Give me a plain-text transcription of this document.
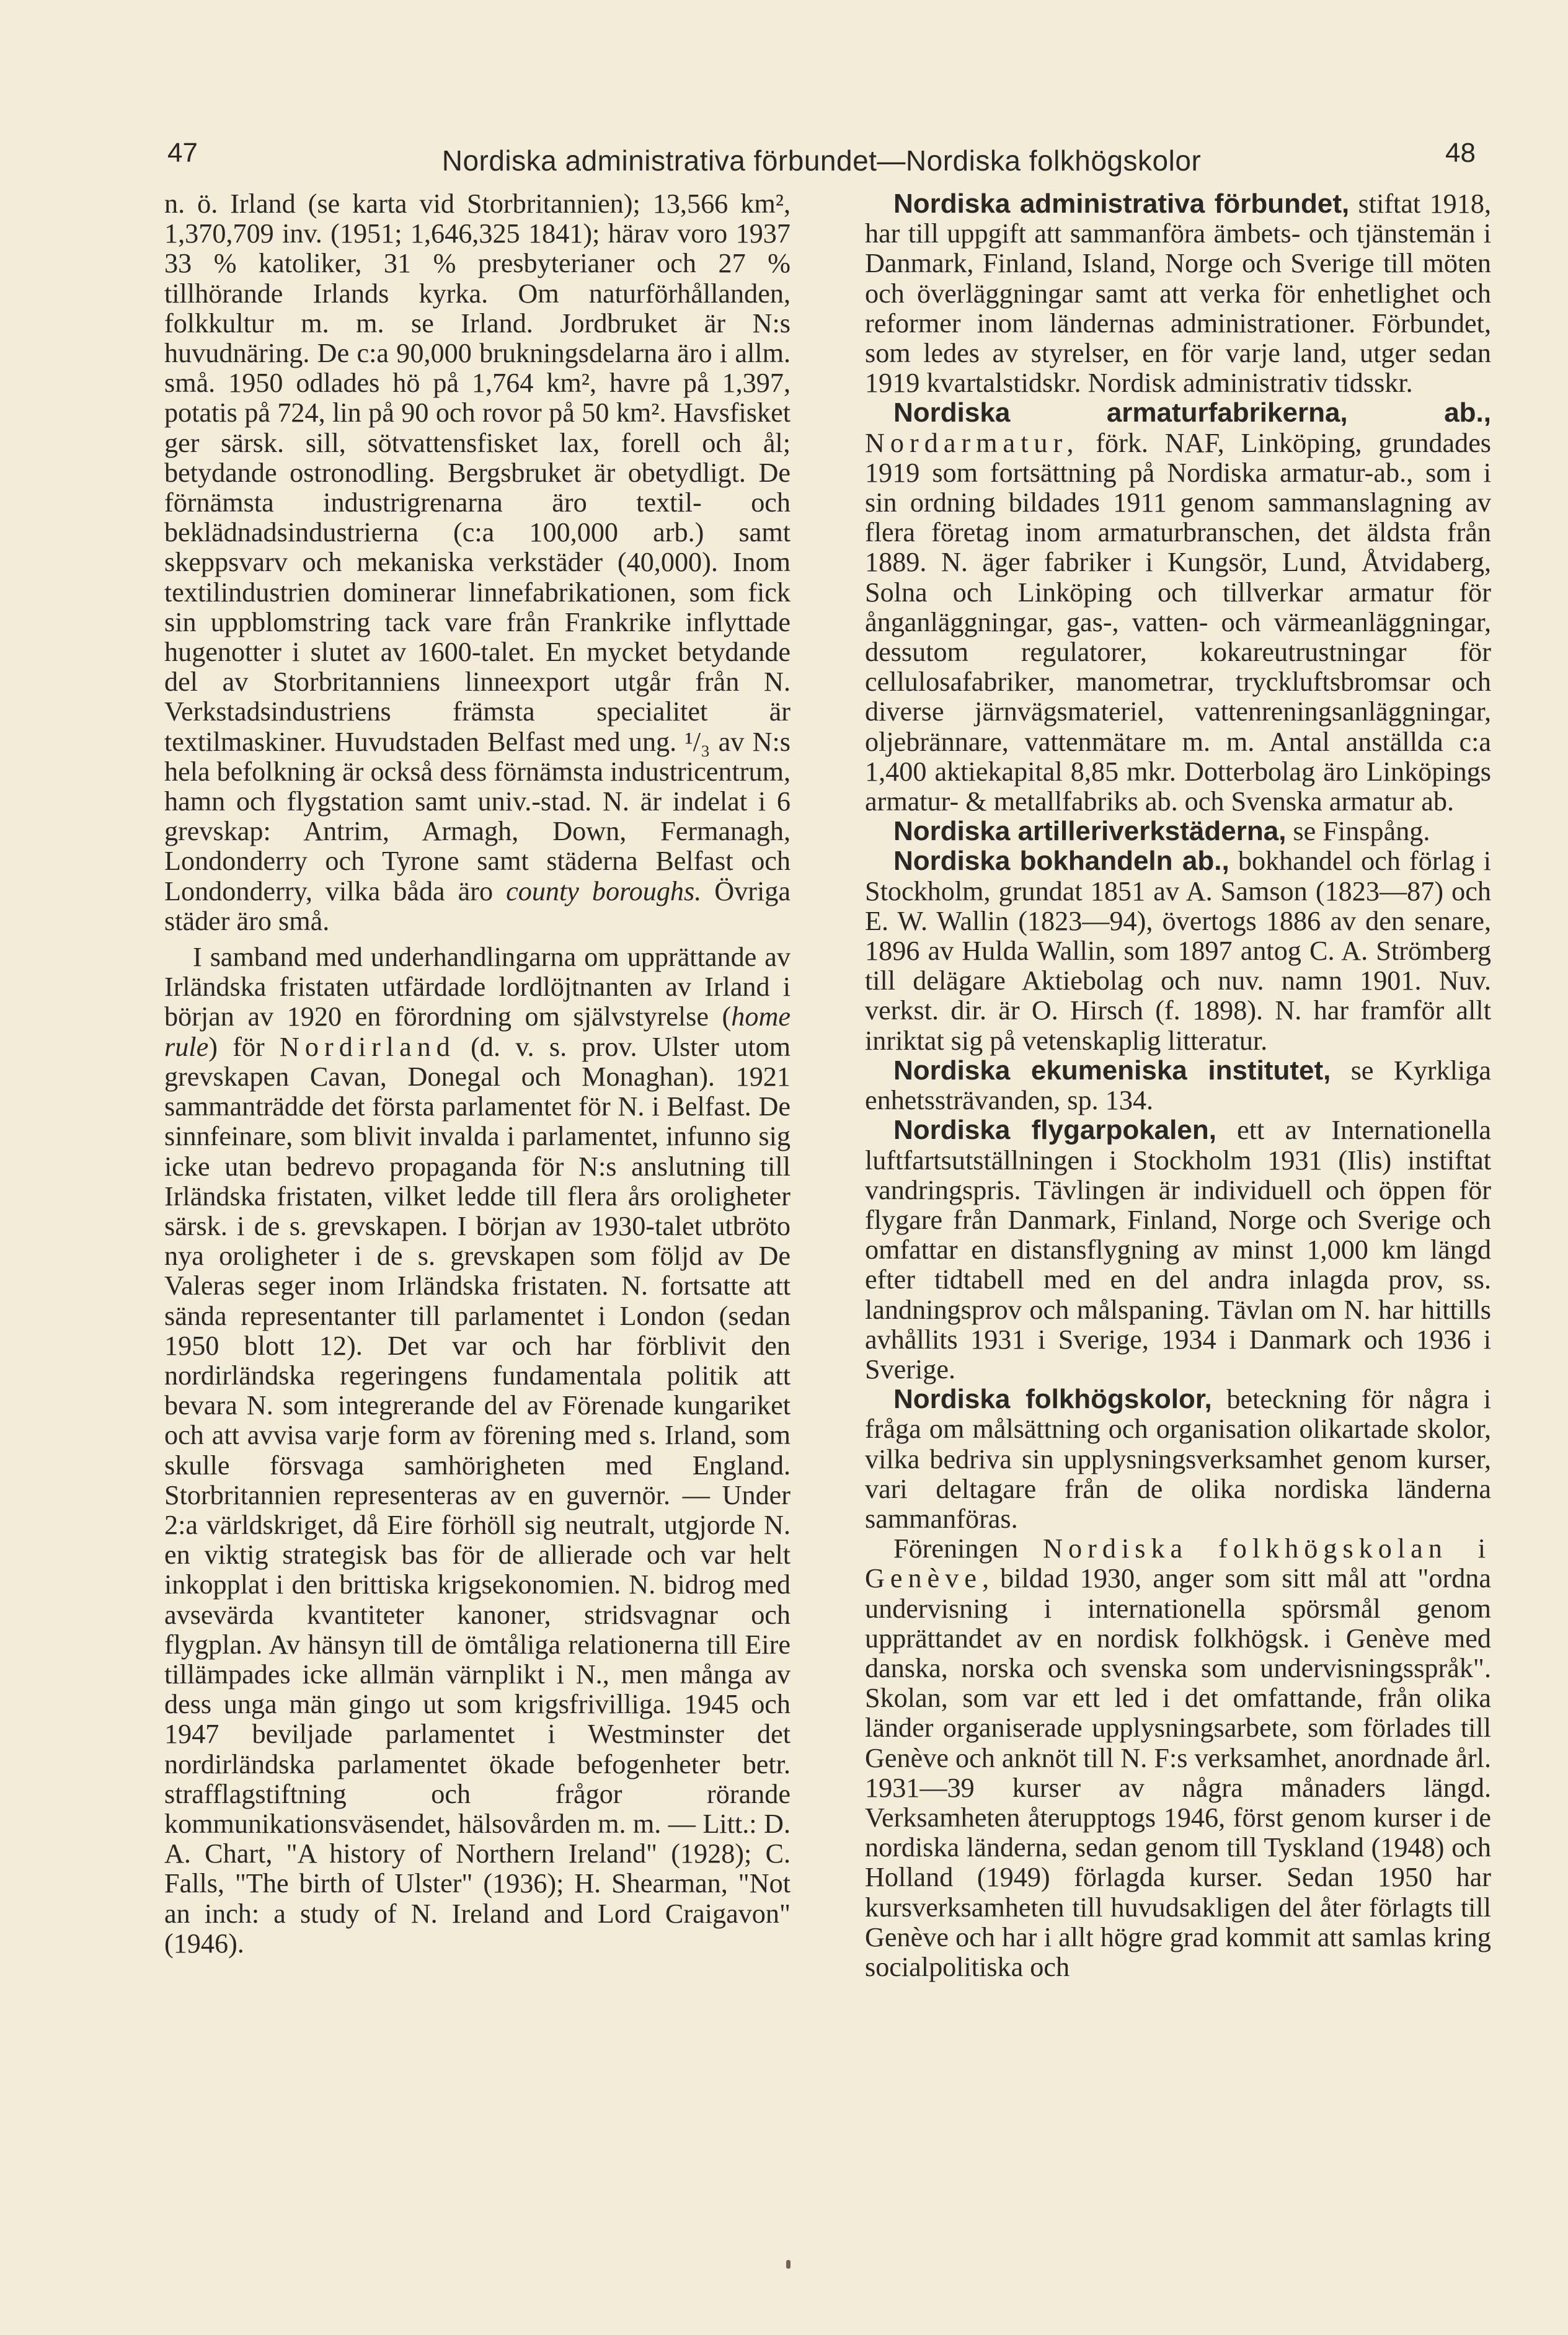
47	Nordiska administrativa förbundet—Nordiska folkhögskolor	48

n. ö. Irland (se karta vid Storbritannien); 13,566 km², 1,370,709 inv. (1951; 1,646,325 1841); härav voro 1937 33 % katoliker, 31 % presbyterianer och 27 % tillhörande Irlands kyrka. Om naturförhållanden, folkkultur m. m. se Irland. Jordbruket är N:s huvudnäring. De c:a 90,000 brukningsdelarna äro i allm. små. 1950 odlades hö på 1,764 km², havre på 1,397, potatis på 724, lin på 90 och rovor på 50 km². Havsfisket ger särsk. sill, sötvattensfisket lax, forell och ål; betydande ostronodling. Bergsbruket är obetydligt. De förnämsta industrigrenarna äro textil- och beklädnadsindustrierna (c:a 100,000 arb.) samt skeppsvarv och mekaniska verkstäder (40,000). Inom textilindustrien dominerar linnefabrikationen, som fick sin uppblomstring tack vare från Frankrike inflyttade hugenotter i slutet av 1600-talet. En mycket betydande del av Storbritanniens linneexport utgår från N. Verkstadsindustriens främsta specialitet är textilmaskiner. Huvudstaden Belfast med ung. ¹/₃ av N:s hela befolkning är också dess förnämsta industricentrum, hamn och flygstation samt univ.-stad. N. är indelat i 6 grevskap: Antrim, Armagh, Down, Fermanagh, Londonderry och Tyrone samt städerna Belfast och Londonderry, vilka båda äro county boroughs. Övriga städer äro små.

I samband med underhandlingarna om upprättande av Irländska fristaten utfärdade lordlöjtnanten av Irland i början av 1920 en förordning om självstyrelse (home rule) för Nordirland (d. v. s. prov. Ulster utom grevskapen Cavan, Donegal och Monaghan). 1921 sammanträdde det första parlamentet för N. i Belfast. De sinnfeinare, som blivit invalda i parlamentet, infunno sig icke utan bedrevo propaganda för N:s anslutning till Irländska fristaten, vilket ledde till flera års oroligheter särsk. i de s. grevskapen. I början av 1930-talet utbröto nya oroligheter i de s. grevskapen som följd av De Valeras seger inom Irländska fristaten. N. fortsatte att sända representanter till parlamentet i London (sedan 1950 blott 12). Det var och har förblivit den nordirländska regeringens fundamentala politik att bevara N. som integrerande del av Förenade kungariket och att avvisa varje form av förening med s. Irland, som skulle försvaga samhörigheten med England. Storbritannien representeras av en guvernör. — Under 2:a världskriget, då Eire förhöll sig neutralt, utgjorde N. en viktig strategisk bas för de allierade och var helt inkopplat i den brittiska krigsekonomien. N. bidrog med avsevärda kvantiteter kanoner, stridsvagnar och flygplan. Av hänsyn till de ömtåliga relationerna till Eire tillämpades icke allmän värnplikt i N., men många av dess unga män gingo ut som krigsfrivilliga. 1945 och 1947 beviljade parlamentet i Westminster det nordirländska parlamentet ökade befogenheter betr. strafflagstiftning och frågor rörande kommunikationsväsendet, hälsovården m. m. — Litt.: D. A. Chart, "A history of Northern Ireland" (1928); C. Falls, "The birth of Ulster" (1936); H. Shearman, "Not an inch: a study of N. Ireland and Lord Craigavon" (1946).

Nordiska administrativa förbundet, stiftat 1918, har till uppgift att sammanföra ämbets- och tjänstemän i Danmark, Finland, Island, Norge och Sverige till möten och överläggningar samt att verka för enhetlighet och reformer inom ländernas administrationer. Förbundet, som ledes av styrelser, en för varje land, utger sedan 1919 kvartalstidskr. Nordisk administrativ tidsskr.

Nordiska armaturfabrikerna, ab., Nordarmatur, förk. NAF, Linköping, grundades 1919 som fortsättning på Nordiska armatur-ab., som i sin ordning bildades 1911 genom sammanslagning av flera företag inom armaturbranschen, det äldsta från 1889. N. äger fabriker i Kungsör, Lund, Åtvidaberg, Solna och Linköping och tillverkar armatur för ånganläggningar, gas-, vatten- och värmeanläggningar, dessutom regulatorer, kokareutrustningar för cellulosafabriker, manometrar, tryckluftsbromsar och diverse järnvägsmateriel, vattenreningsanläggningar, oljebrännare, vattenmätare m. m. Antal anställda c:a 1,400 aktiekapital 8,85 mkr. Dotterbolag äro Linköpings armatur- & metallfabriks ab. och Svenska armatur ab.

Nordiska artilleriverkstäderna, se Finspång.

Nordiska bokhandeln ab., bokhandel och förlag i Stockholm, grundat 1851 av A. Samson (1823—87) och E. W. Wallin (1823—94), övertogs 1886 av den senare, 1896 av Hulda Wallin, som 1897 antog C. A. Strömberg till delägare Aktiebolag och nuv. namn 1901. Nuv. verkst. dir. är O. Hirsch (f. 1898). N. har framför allt inriktat sig på vetenskaplig litteratur.

Nordiska ekumeniska institutet, se Kyrkliga enhetssträvanden, sp. 134.

Nordiska flygarpokalen, ett av Internationella luftfartsutställningen i Stockholm 1931 (Ilis) instiftat vandringspris. Tävlingen är individuell och öppen för flygare från Danmark, Finland, Norge och Sverige och omfattar en distansflygning av minst 1,000 km längd efter tidtabell med en del andra inlagda prov, ss. landningsprov och målspaning. Tävlan om N. har hittills avhållits 1931 i Sverige, 1934 i Danmark och 1936 i Sverige.

Nordiska folkhögskolor, beteckning för några i fråga om målsättning och organisation olikartade skolor, vilka bedriva sin upplysningsverksamhet genom kurser, vari deltagare från de olika nordiska länderna sammanföras.

Föreningen Nordiska folkhögskolan i Genève, bildad 1930, anger som sitt mål att "ordna undervisning i internationella spörsmål genom upprättandet av en nordisk folkhögsk. i Genève med danska, norska och svenska som undervisningsspråk". Skolan, som var ett led i det omfattande, från olika länder organiserade upplysningsarbete, som förlades till Genève och anknöt till N. F:s verksamhet, anordnade årl. 1931—39 kurser av några månaders längd. Verksamheten återupptogs 1946, först genom kurser i de nordiska länderna, sedan genom till Tyskland (1948) och Holland (1949) förlagda kurser. Sedan 1950 har kursverksamheten till huvudsakligen del åter förlagts till Genève och har i allt högre grad kommit att samlas kring socialpolitiska och
